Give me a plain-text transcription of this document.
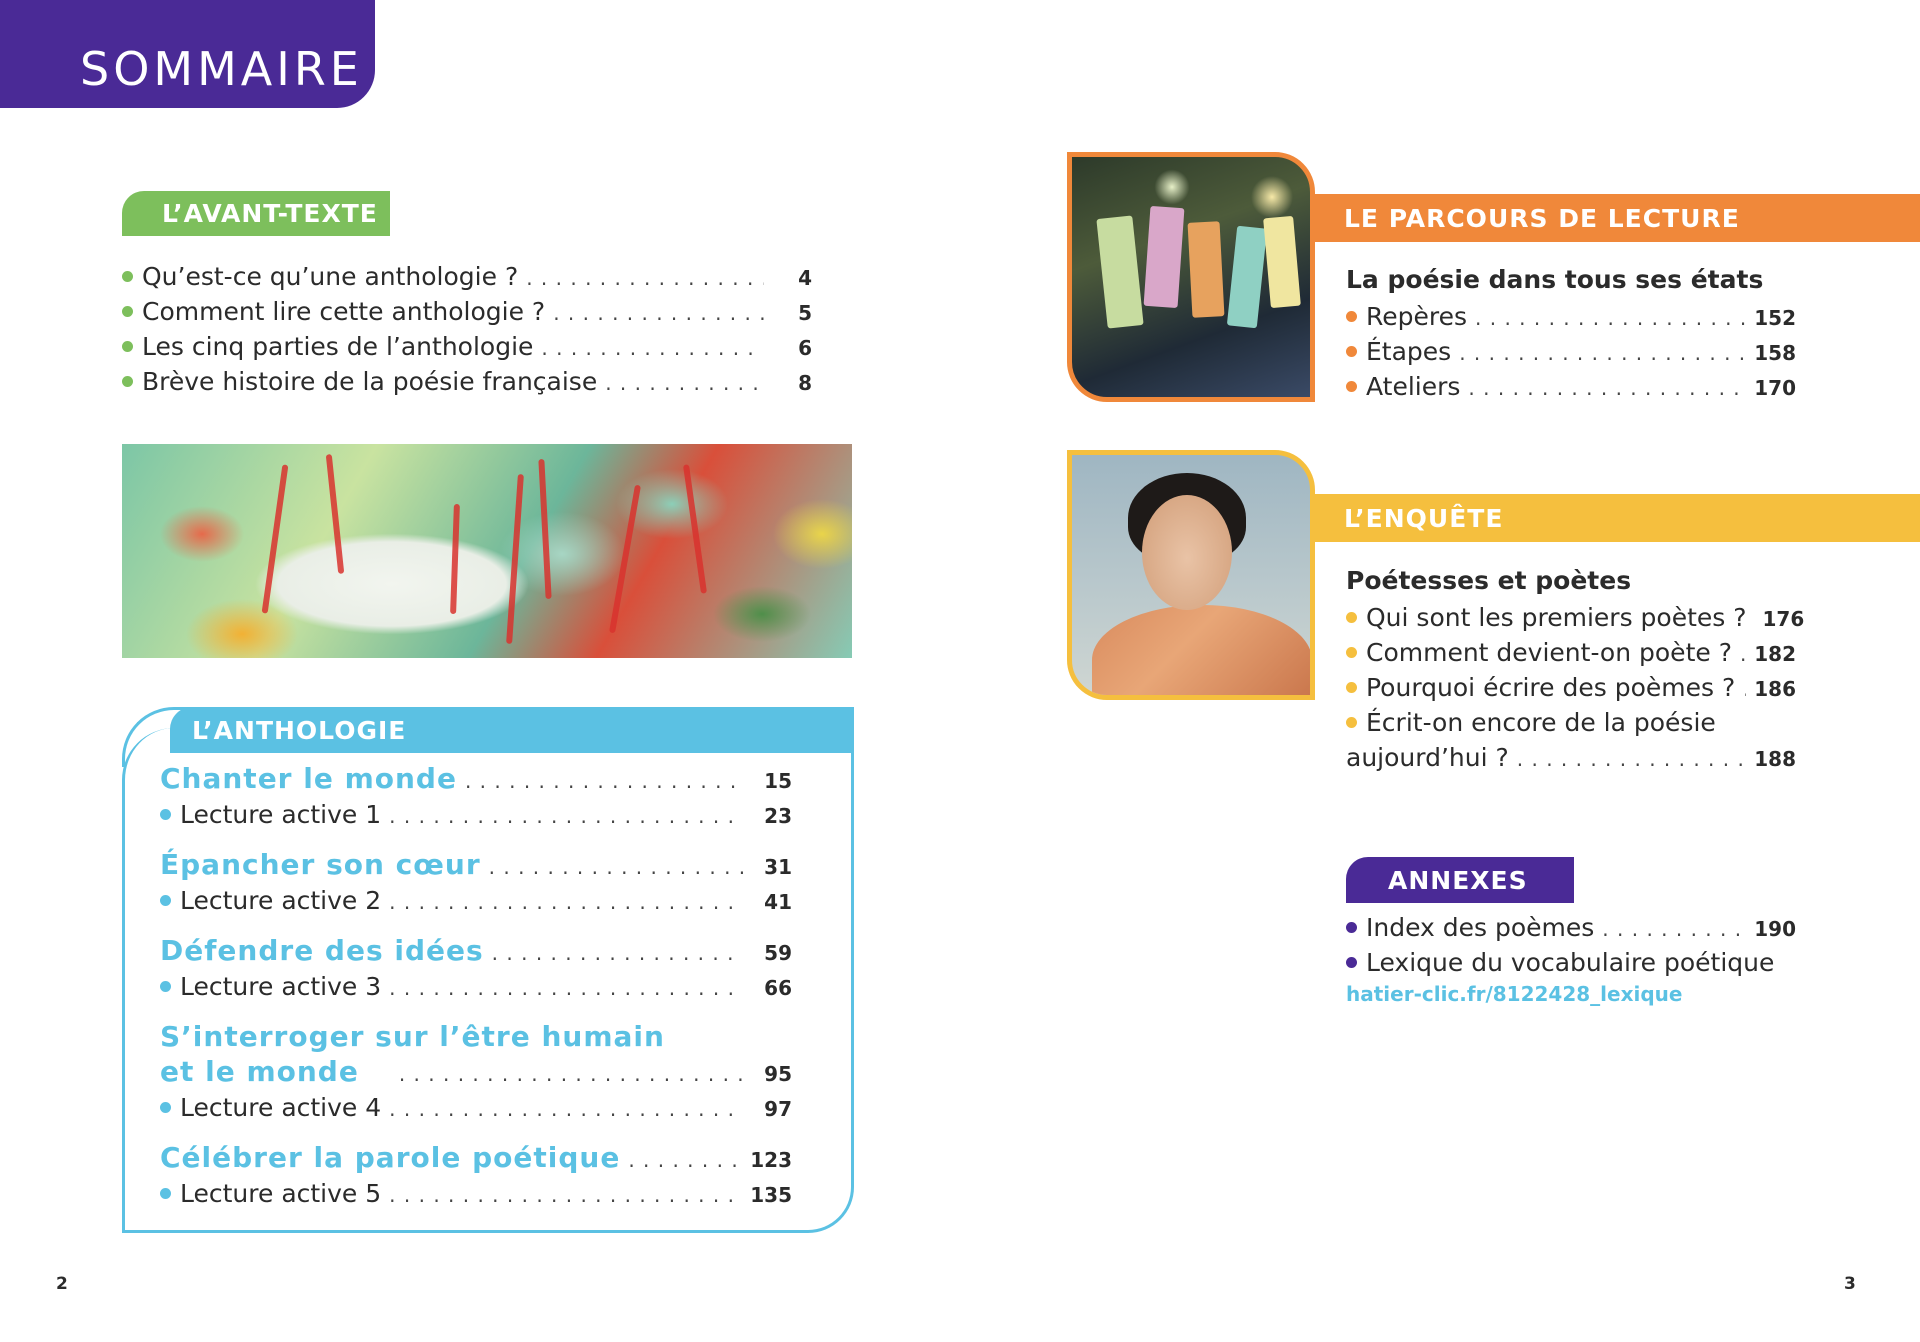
SOMMAIRE
L’AVANT-TEXTE
Qu’est-ce qu’une anthologie ? . . .	4
Comment lire cette anthologie ? . . .	5
Les cinq parties de l’anthologie . . .	6
Brève histoire de la poésie française . . .	8
L’ANTHOLOGIE
Chanter le monde . . .	15
Lecture active 1 . . .	23
Épancher son cœur . . .	31
Lecture active 2 . . .	41
Défendre des idées . . .	59
Lecture active 3 . . .	66
S’interroger sur l’être humain
et le monde . . .	95
Lecture active 4 . . .	97
Célébrer la parole poétique . . .	123
Lecture active 5 . . .	135
LE PARCOURS DE LECTURE
La poésie dans tous ses états
Repères . . .	152
Étapes . . .	158
Ateliers . . .	170
L’ENQUÊTE
Poétesses et poètes
Qui sont les premiers poètes ? 176
Comment devient-on poète ? . . . 182
Pourquoi écrire des poèmes ? . . . 186
Écrit-on encore de la poésie
aujourd’hui ? . . .	188
ANNEXES
Index des poèmes . . .	190
Lexique du vocabulaire poétique
hatier-clic.fr/8122428_lexique
2	3
